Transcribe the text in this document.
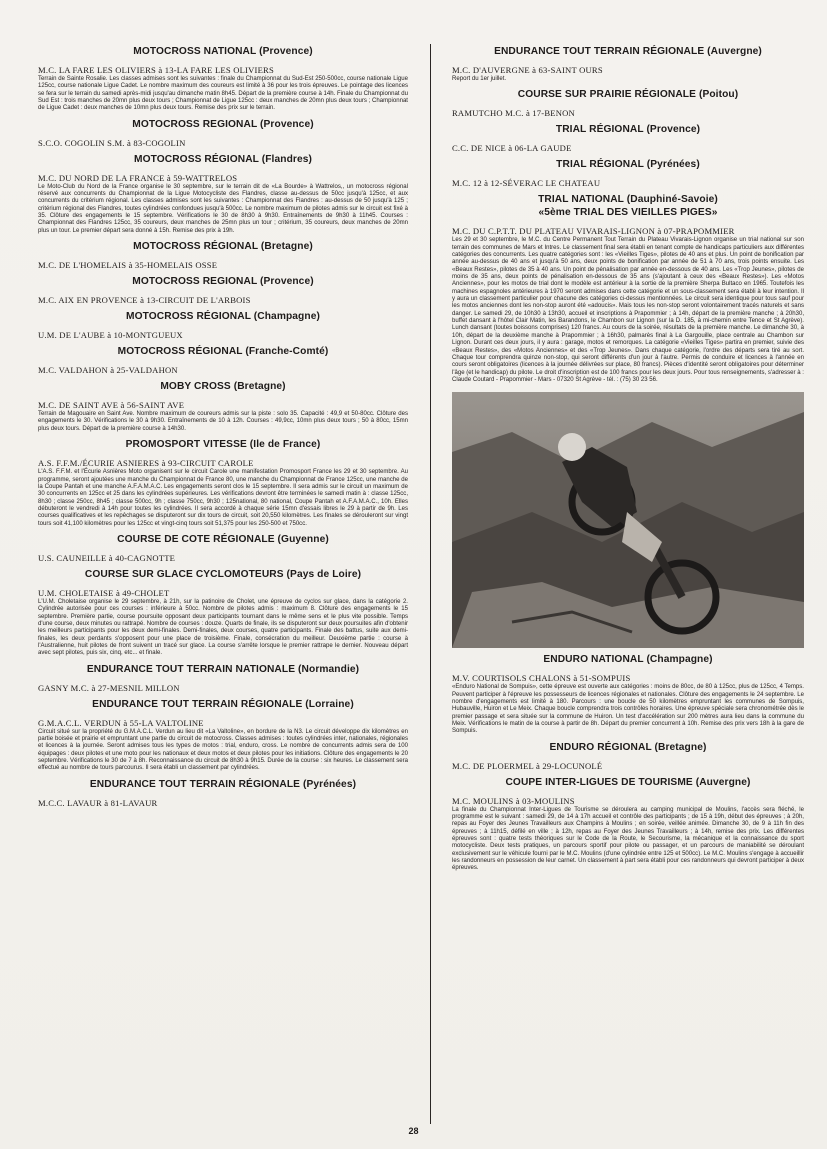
MOTOCROSS NATIONAL (Provence)
M.C. LA FARE LES OLIVIERS à 13-LA FARE LES OLIVIERS

Terrain de Sainte Rosalie. Les classes admises sont les suivantes : finale du Championnat du Sud-Est 250-500cc, course nationale Ligue 125cc, course nationale Ligue Cadet. Le nombre maximum des coureurs est limité à 36 pour les trois épreuves. Le pointage des licences se fera sur le terrain du samedi après-midi jusqu'au dimanche matin 8h45. Départ de la première course à 14h. Finale du Championnat du Sud Est : trois manches de 20mn plus deux tours ; Championnat de Ligue 125cc : deux manches de 20mn plus deux tours ; Championnat de Ligue Cadet : deux manches de 10mn plus deux tours. Remise des prix sur le terrain.

MOTOCROSS REGIONAL (Provence)
S.C.O. COGOLIN S.M. à 83-COGOLIN
MOTOCROSS RÉGIONAL (Flandres)
M.C. DU NORD DE LA FRANCE à 59-WATTRELOS

Le Moto-Club du Nord de la France organise le 30 septembre, sur le terrain dit de «La Bourde» à Wattrelos,, un motocross régional réservé aux concurrents du Championnat de la Ligue Motocycliste des Flandres, classe au-dessus de 50cc jusqu'à 125cc, et aux concurrents du critérium régional. Les classes admises sont les suivantes : Championnat des Flandres : au-dessus de 50 jusqu'à 125 ; critérium régional des Flandres, toutes cylindrées confondues jusqu'à 500cc. Le nombre maximum de pilotes admis sur le circuit est fixé à 35. Clôture des engagements le 15 septembre. Vérifications le 30 de 8h30 à 9h30. Entraînements de 9h30 à 11h45. Courses : Championnat des Flandres 125cc, 35 coureurs, deux manches de 25mn plus un tour ; critérium, 35 coureurs, deux manches de 20mn plus un tour. Le premier départ sera donné à 15h. Remise des prix à 19h.

MOTOCROSS RÉGIONAL (Bretagne)
M.C. DE L'HOMELAIS à 35-HOMELAIS OSSE
MOTOCROSS REGIONAL (Provence)
M.C. AIX EN PROVENCE à 13-CIRCUIT DE L'ARBOIS
MOTOCROSS RÉGIONAL (Champagne)
U.M. DE L'AUBE à 10-MONTGUEUX
MOTOCROSS RÉGIONAL (Franche-Comté)
M.C. VALDAHON à 25-VALDAHON
MOBY CROSS (Bretagne)
M.C. DE SAINT AVE à 56-SAINT AVE

Terrain de Magouaire en Saint Ave. Nombre maximum de coureurs admis sur la piste : solo 35. Capacité : 49,9 et 50-80cc. Clôture des engagements le 30. Vérifications le 30 à 9h30. Entraînements de 10 à 12h. Courses : 49,9cc, 10mn plus deux tours ; 50 à 80cc, 15mn plus deux tours. Départ de la première course à 14h30.

PROMOSPORT VITESSE (Ile de France)
A.S. F.F.M./ÉCURIE ASNIERES à 93-CIRCUIT CAROLE

L'A.S. F.F.M. et l'Écurie Asnières Moto organisent sur le circuit Carole une manifestation Promosport France les 29 et 30 septembre. Au programme, seront ajoutées une manche du Championnat de France 80, une manche du Championnat de France 125cc, une manche de la Coupe Pantah et une manche A.F.A.M.A.C. Les engagements seront clos le 15 septembre. Il sera admis sur le circuit un maximum de 30 concurrents en 125cc et 25 dans les cylindrées supérieures. Les vérifications devront être terminées le samedi matin à : classe 125cc, 8h30 ; classe 250cc, 8h45 ; classe 500cc, 9h ; classe 750cc, 9h30 ; 125national, 80 national, Coupe Pantah et A.F.A.M.A.C., 10h. Elles débuteront le vendredi à 14h pour toutes les cylindrées. Il sera accordé à chaque série 15mn d'essais libres le 29 à partir de 9h. Les courses qualificatives et les repêchages se disputeront sur dix tours de circuit, soit 20,550 kilomètres. Les finales se dérouleront sur vingt tours soit 41,100 kilomètres pour les 125cc et vingt-cinq tours soit 51,375 pour les 250-500 et 750cc.

COURSE DE COTE RÉGIONALE (Guyenne)
U.S. CAUNEILLE à 40-CAGNOTTE
COURSE SUR GLACE CYCLOMOTEURS (Pays de Loire)
U.M. CHOLETAISE à 49-CHOLET

L'U.M. Choletaise organise le 29 septembre, à 21h, sur la patinoire de Cholet, une épreuve de cyclos sur glace, dans la catégorie 2. Cylindrée autorisée pour ces courses : inférieure à 50cc. Nombre de pilotes admis : maximum 8. Clôture des engagements le 15 septembre. Première partie, course poursuite opposant deux participants tournant dans le même sens et le plus vite possible. Temps d'une course, deux minutes ou rattrapé. Nombre de courses : douze. Quarts de finale, ils se disputeront sur deux poursuites afin d'obtenir les meilleurs participants pour les deux demi-finales. Demi-finales, deux courses, quatre participants. Finale des battus, suite aux demi-finales, les deux perdants s'opposent pour une place de troisième. Finale, consécration du meilleur. Deuxième partie : course à l'Australienne, huit pilotes de front suivent un tracé sur glace. La course s'arrête lorsque le premier rattrape le dernier. Nouveau départ avec sept pilotes, puis six, cinq, etc... et finale.

ENDURANCE TOUT TERRAIN NATIONALE (Normandie)
GASNY M.C. à 27-MESNIL MILLON
ENDURANCE TOUT TERRAIN RÉGIONALE (Lorraine)
G.M.A.C.L. VERDUN à 55-LA VALTOLINE

Circuit situé sur la propriété du G.M.A.C.L. Verdun au lieu dit «La Valtoline», en bordure de la N3. Le circuit développe dix kilomètres en partie boisée et prairie et empruntant une partie du circuit de motocross. Classes admises : toutes cylindrées inter, nationales, régionales et licences à la journée. Seront admises tous les types de motos : trial, enduro, cross. Le nombre de concurrents admis sera de 100 équipages : deux pilotes et une moto pour les nationaux et deux motos et deux pilotes pour les initiations. Clôture des engagements le 20 septembre. Vérifications le 30 de 7 à 8h. Reconnaissance du circuit de 8h30 à 9h15. Durée de la course : six heures. Le classement sera effectué au nombre de tours parcourus. Il sera établi un classement par cylindrées.

ENDURANCE TOUT TERRAIN RÉGIONALE (Pyrénées)
M.C.C. LAVAUR à 81-LAVAUR
ENDURANCE TOUT TERRAIN RÉGIONALE (Auvergne)
M.C. D'AUVERGNE à 63-SAINT OURS

Report du 1er juillet.

COURSE SUR PRAIRIE RÉGIONALE (Poitou)
RAMUTCHO M.C. à 17-BENON
TRIAL RÉGIONAL (Provence)
C.C. DE NICE à 06-LA GAUDE
TRIAL RÉGIONAL (Pyrénées)
M.C. 12 à 12-SÉVERAC LE CHATEAU
TRIAL NATIONAL (Dauphiné-Savoie)
«5ème TRIAL DES VIEILLES PIGES»
M.C. DU C.P.T.T. DU PLATEAU VIVARAIS-LIGNON à 07-PRAPOMMIER

Les 29 et 30 septembre, le M.C. du Centre Permanent Tout Terrain du Plateau Vivarais-Lignon organise un trial national sur son terrain des communes de Mars et Intres. Le classement final sera établi en tenant compte de handicaps particuliers aux différentes catégories des concurrents. Les quatre catégories sont : les «Vieilles Tiges», pilotes de 40 ans et plus. Un point de bonification par année au-dessus de 40 ans et jusqu'à 50 ans, deux points de bonification par année de 51 à 70 ans, trois points ensuite. Les «Beaux Restes», pilotes de 35 à 40 ans. Un point de pénalisation par année en-dessous de 40 ans. Les «Trop Jeunes», pilotes de moins de 35 ans, deux points de pénalisation en-dessous de 35 ans (s'ajoutant à ceux des «Beaux Restes»). Les «Motos Anciennes», pour les motos de trial dont le modèle est antérieur à la sortie de la première Sherpa Bultaco en 1965. Toutefois les machines espagnoles antérieures à 1970 seront admises dans cette catégorie et un sous-classement sera établi à leur intention. Il y aura un classement particulier pour chacune des catégories ci-dessus mentionnées. Le circuit sera identique pour tous sauf pour les motos anciennes dont les non-stop auront été «adoucis». Mais tous les non-stop seront volontairement tracés naturels et sans danger. Le samedi 29, de 10h30 à 13h30, accueil et inscriptions à Prapommier ; à 14h, départ de la première manche ; à 20h30, buffet dansant à l'hôtel Clair Matin, les Barandons, le Chambon sur Lignon (sur la D. 185, à mi-chemin entre Tence et St Agrève). Lunch dansant (toutes boissons comprises) 120 francs. Au cours de la soirée, résultats de la première manche. Le dimanche 30, à 10h, départ de la deuxième manche à Prapommier ; à 16h30, palmarès final à La Gargouille, place centrale au Chambon sur Lignon. Durant ces deux jours, il y aura : garage, motos et remorques. La catégorie «Vieilles Tiges» partira en premier, suivie des «Beaux Restes», des «Motos Anciennes» et des «Trop Jeunes». Dans chaque catégorie, l'ordre des départs sera tiré au sort. Chaque tour comprendra quinze non-stop, qui seront différents d'un jour à l'autre. Permis de conduire et licences à l'année en cours seront obligatoires (licences à la journée délivrées sur place, 80 francs). Pièces d'identité seront obligatoires pour déterminer l'âge (et le handicap) du pilote. Le droit d'inscription est de 100 francs pour les deux jours. Pour tous renseignements, s'adresser à : Claude Coutard - Prapommier - Mars - 07320 St Agrève - tél. : (75) 30 23 56.

ENDURO NATIONAL (Champagne)
M.V. COURTISOLS CHALONS à 51-SOMPUIS

«Enduro National de Sompuis», cette épreuve est ouverte aux catégories : moins de 80cc, de 80 à 125cc, plus de 125cc, 4 Temps. Peuvent participer à l'épreuve les possesseurs de licences régionales et nationales. Clôture des engagements le 24 septembre. Le nombre d'engagements est limité à 180. Parcours : une boucle de 50 kilomètres empruntant les communes de Sompuis, Hubauville, Huiron et Le Meix. Chaque boucle comprendra trois contrôles horaires. Une épreuve spéciale sera chronométrée dès le premier passage et sera située sur la commune de Huiron. Un test d'accélération sur 200 mètres aura lieu dans la commune du Meix. Vérifications le matin de la course à partir de 8h. Départ du premier concurrent à 10h. Remise des prix vers 18h à la gare de Sompuis.

ENDURO RÉGIONAL (Bretagne)
M.C. DE PLOERMEL à 29-LOCUNOLÉ
COUPE INTER-LIGUES DE TOURISME (Auvergne)
M.C. MOULINS à 03-MOULINS

La finale du Championnat Inter-Ligues de Tourisme se déroulera au camping municipal de Moulins, l'accès sera fléché, le programme est le suivant : samedi 29, de 14 à 17h accueil et contrôle des participants ; de 15 à 19h, début des épreuves ; à 20h, repas au Foyer des Jeunes Travailleurs aux Champins à Moulins ; en soirée, veillée animée. Dimanche 30, de 9 à 11h fin des épreuves ; à 11h15, défilé en ville ; à 12h, repas au Foyer des Jeunes Travailleurs ; à 14h, remise des prix. Les différentes épreuves sont : quatre tests théoriques sur le Code de la Route, le Secourisme, la mécanique et la connaissance du sport motocycliste. Deux tests pratiques, un parcours sportif pour pilote ou passager, et un parcours de maniabilité se déroulant exclusivement sur le véhicule fourni par le M.C. Moulins (d'une cylindrée entre 125 et 500cc). Le M.C. Moulins s'engage à accueillir les randonneurs en possession de leur carnet. Un classement à part sera établi pour ces randonneurs qui devront participer à deux épreuves.

28
